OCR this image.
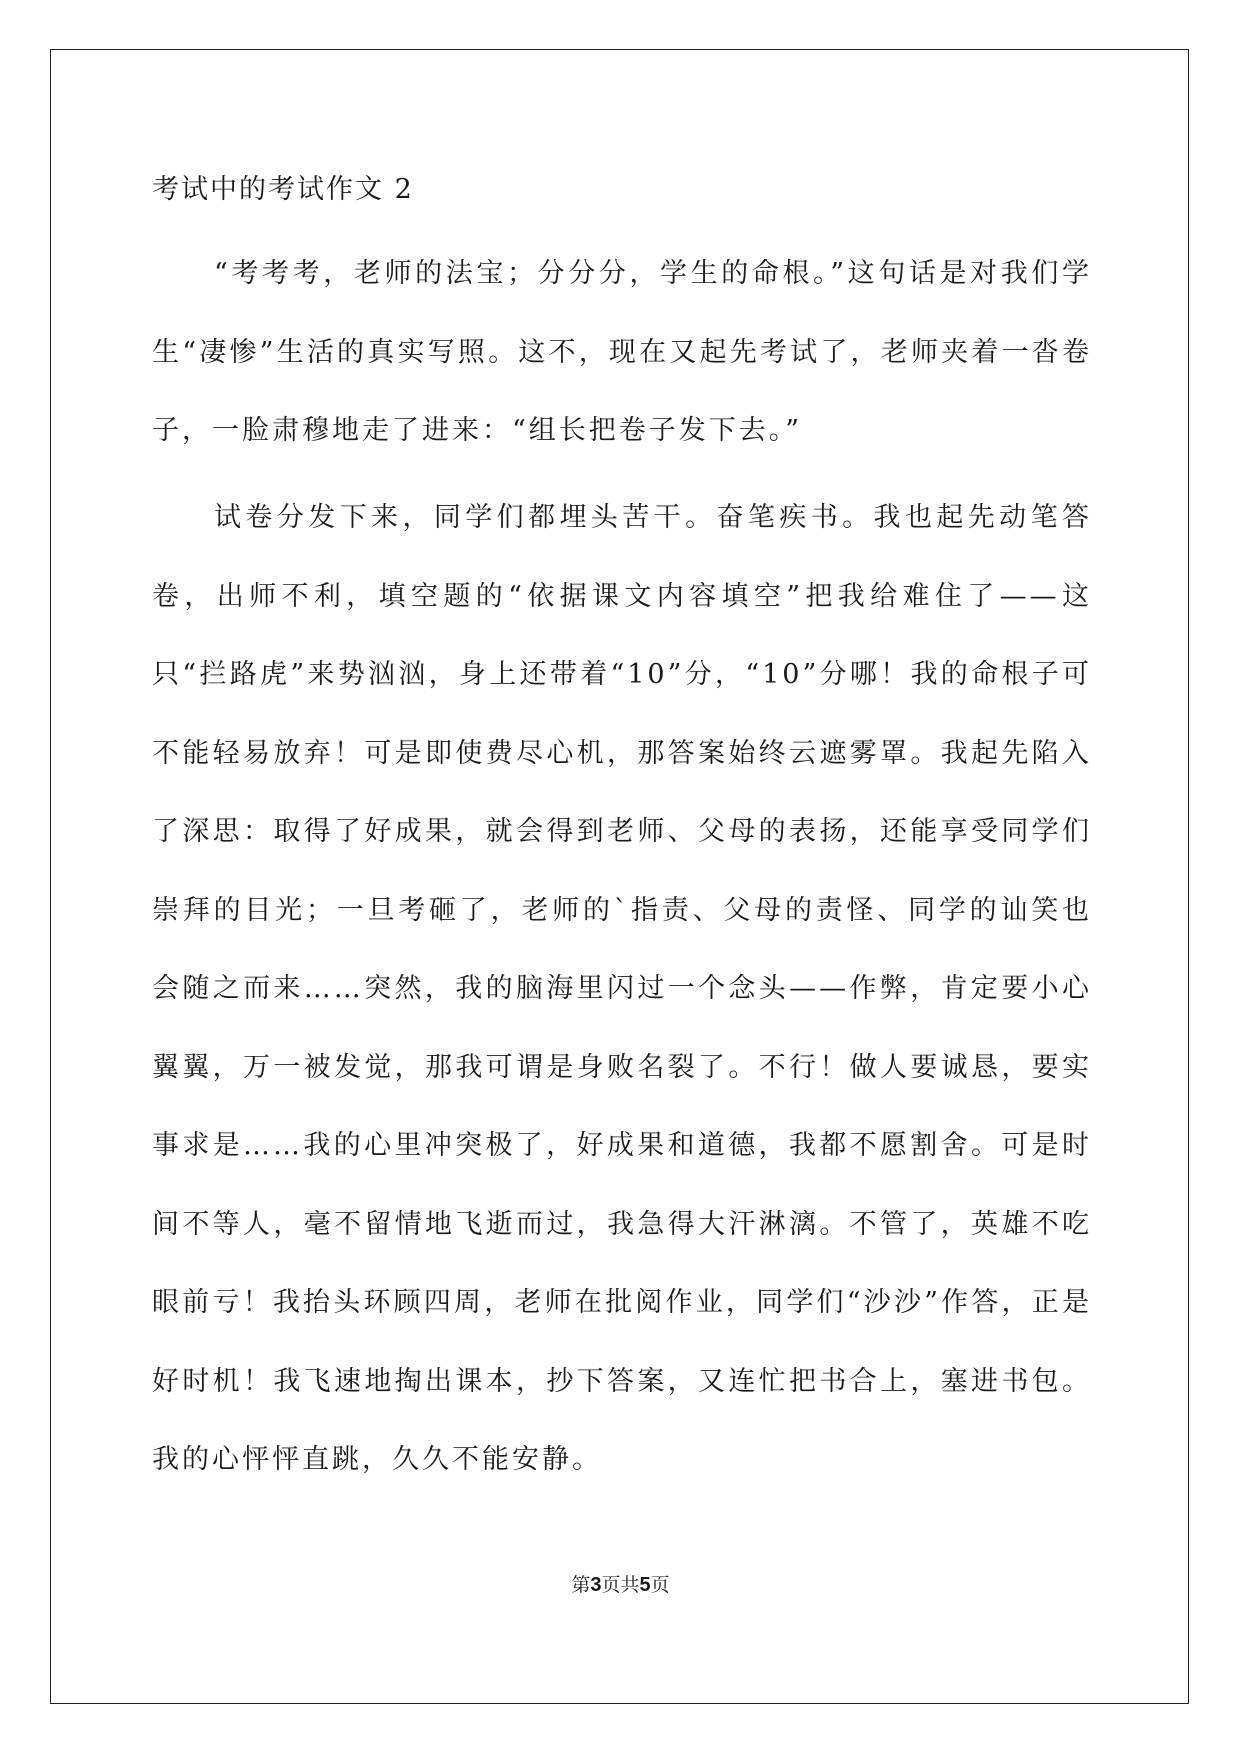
考试中的考试作文 2

“考考考，老师的法宝；分分分，学生的命根。”这句话是对我们学生“凄惨”生活的真实写照。这不，现在又起先考试了，老师夹着一沓卷子，一脸肃穆地走了进来：“组长把卷子发下去。”

试卷分发下来，同学们都埋头苦干。奋笔疾书。我也起先动笔答卷，出师不利，填空题的“依据课文内容填空”把我给难住了——这只“拦路虎”来势汹汹，身上还带着“10”分，“10”分哪！我的命根子可不能轻易放弃！可是即使费尽心机，那答案始终云遮雾罩。我起先陷入了深思：取得了好成果，就会得到老师、父母的表扬，还能享受同学们崇拜的目光；一旦考砸了，老师的`指责、父母的责怪、同学的讪笑也会随之而来……突然，我的脑海里闪过一个念头——作弊，肯定要小心翼翼，万一被发觉，那我可谓是身败名裂了。不行！做人要诚恳，要实事求是……我的心里冲突极了，好成果和道德，我都不愿割舍。可是时间不等人，毫不留情地飞逝而过，我急得大汗淋漓。不管了，英雄不吃眼前亏！我抬头环顾四周，老师在批阅作业，同学们“沙沙”作答，正是好时机！我飞速地掏出课本，抄下答案，又连忙把书合上，塞进书包。我的心怦怦直跳，久久不能安静。

第3页共5页
